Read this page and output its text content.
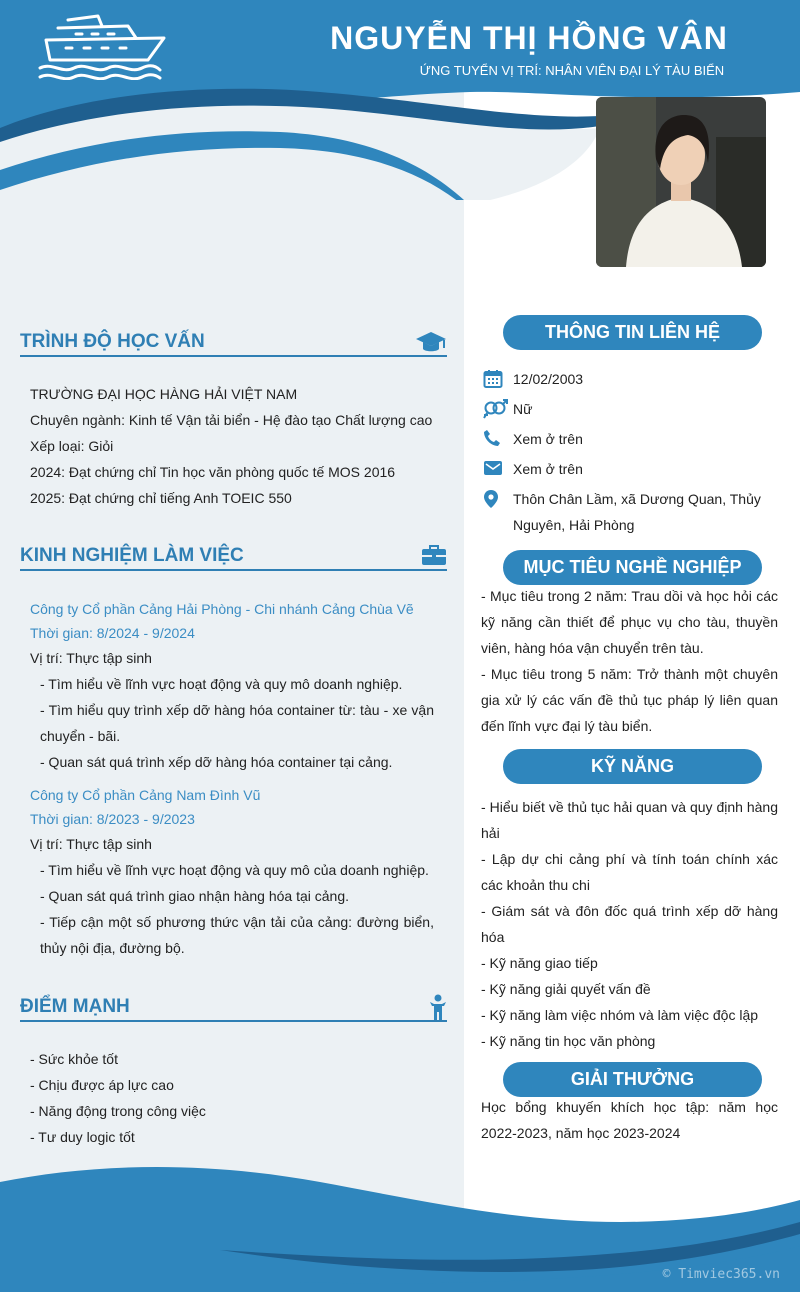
NGUYỄN THỊ HỒNG VÂN
ỨNG TUYỂN VỊ TRÍ: NHÂN VIÊN ĐẠI LÝ TÀU BIỂN
TRÌNH ĐỘ HỌC VẤN
TRƯỜNG ĐẠI HỌC HÀNG HẢI VIỆT NAM
Chuyên ngành: Kinh tế Vận tải biển - Hệ đào tạo Chất lượng cao
Xếp loại: Giỏi
2024: Đạt chứng chỉ Tin học văn phòng quốc tế MOS 2016
2025: Đạt chứng chỉ tiếng Anh TOEIC 550
KINH NGHIỆM LÀM VIỆC
Công ty Cổ phần Cảng Hải Phòng - Chi nhánh Cảng Chùa Vẽ
Thời gian: 8/2024 - 9/2024
Vị trí: Thực tập sinh
- Tìm hiểu về lĩnh vực hoạt động và quy mô doanh nghiệp.
- Tìm hiểu quy trình xếp dỡ hàng hóa container từ: tàu - xe vận chuyển - bãi.
- Quan sát quá trình xếp dỡ hàng hóa container tại cảng.
Công ty Cổ phần Cảng Nam Đình Vũ
Thời gian: 8/2023 - 9/2023
Vị trí: Thực tập sinh
- Tìm hiểu về lĩnh vực hoạt động và quy mô của doanh nghiệp.
- Quan sát quá trình giao nhận hàng hóa tại cảng.
- Tiếp cận một số phương thức vận tải của cảng: đường biển, thủy nội địa, đường bộ.
ĐIỂM MẠNH
- Sức khỏe tốt
- Chịu được áp lực cao
- Năng động trong công việc
- Tư duy logic tốt
THÔNG TIN LIÊN HỆ
12/02/2003
Nữ
Xem ở trên
Xem ở trên
Thôn Chân Lầm, xã Dương Quan, Thủy Nguyên, Hải Phòng
MỤC TIÊU NGHỀ NGHIỆP
- Mục tiêu trong 2 năm: Trau dồi và học hỏi các kỹ năng cần thiết để phục vụ cho tàu, thuyền viên, hàng hóa vận chuyển trên tàu.
- Mục tiêu trong 5 năm: Trở thành một chuyên gia xử lý các vấn đề thủ tục pháp lý liên quan đến lĩnh vực đại lý tàu biển.
KỸ NĂNG
- Hiểu biết về thủ tục hải quan và quy định hàng hải
- Lập dự chi cảng phí và tính toán chính xác các khoản thu chi
- Giám sát và đôn đốc quá trình xếp dỡ hàng hóa
- Kỹ năng giao tiếp
- Kỹ năng giải quyết vấn đề
- Kỹ năng làm việc nhóm và làm việc độc lập
- Kỹ năng tin học văn phòng
GIẢI THƯỞNG
Học bổng khuyến khích học tập: năm học 2022-2023, năm học 2023-2024
© Timviec365.vn
